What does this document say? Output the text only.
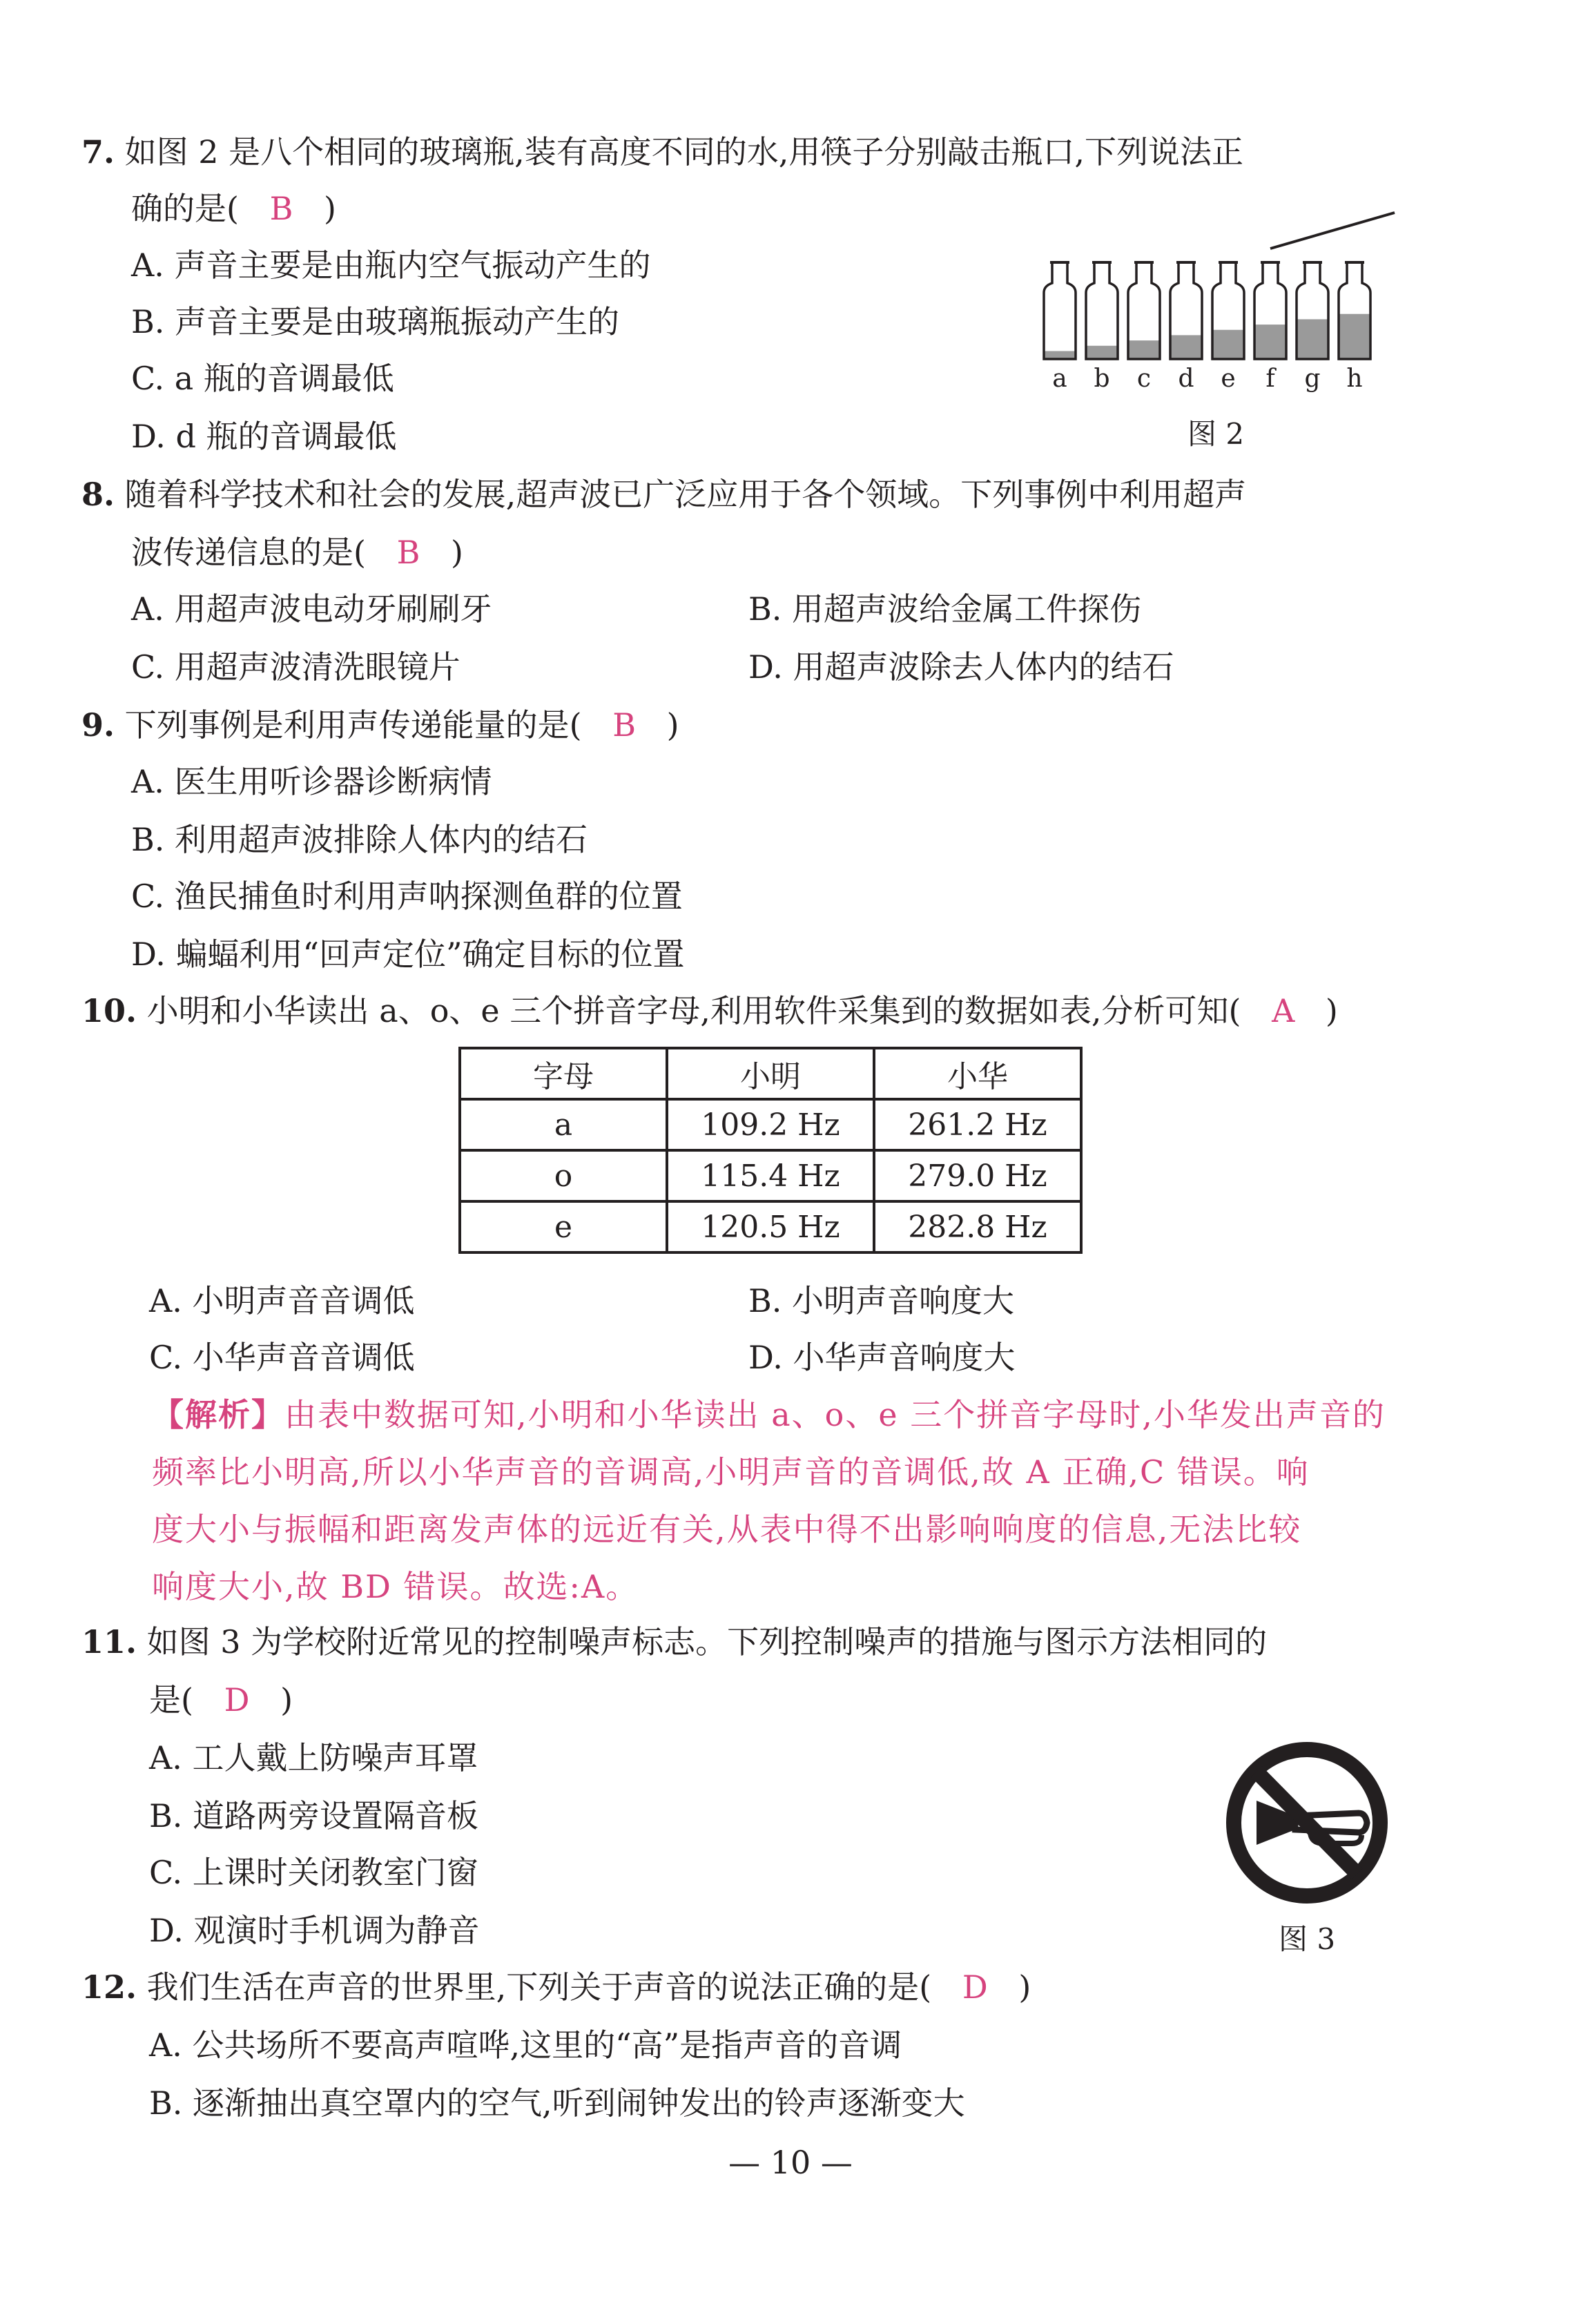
7. 如图 2 是八个相同的玻璃瓶,装有高度不同的水,用筷子分别敲击瓶口,下列说法正
确的是( B )
A. 声音主要是由瓶内空气振动产生的
B. 声音主要是由玻璃瓶振动产生的
C. a 瓶的音调最低
D. d 瓶的音调最低
a b c d e f g h
图 2
8. 随着科学技术和社会的发展,超声波已广泛应用于各个领域。下列事例中利用超声
波传递信息的是( B )
A. 用超声波电动牙刷刷牙	B. 用超声波给金属工件探伤
C. 用超声波清洗眼镜片	D. 用超声波除去人体内的结石
9. 下列事例是利用声传递能量的是( B )
A. 医生用听诊器诊断病情
B. 利用超声波排除人体内的结石
C. 渔民捕鱼时利用声呐探测鱼群的位置
D. 蝙蝠利用“回声定位”确定目标的位置
10. 小明和小华读出 a、o、e 三个拼音字母,利用软件采集到的数据如表,分析可知( A )
字母	小明	小华
a	109.2 Hz	261.2 Hz
o	115.4 Hz	279.0 Hz
e	120.5 Hz	282.8 Hz
A. 小明声音音调低	B. 小明声音响度大
C. 小华声音音调低	D. 小华声音响度大
【解析】由表中数据可知,小明和小华读出 a、o、e 三个拼音字母时,小华发出声音的
频率比小明高,所以小华声音的音调高,小明声音的音调低,故 A 正确,C 错误。响
度大小与振幅和距离发声体的远近有关,从表中得不出影响响度的信息,无法比较
响度大小,故 BD 错误。故选:A。
11. 如图 3 为学校附近常见的控制噪声标志。下列控制噪声的措施与图示方法相同的
是( D )
A. 工人戴上防噪声耳罩
B. 道路两旁设置隔音板
C. 上课时关闭教室门窗
D. 观演时手机调为静音	图 3
12. 我们生活在声音的世界里,下列关于声音的说法正确的是( D )
A. 公共场所不要高声喧哗,这里的“高”是指声音的音调
B. 逐渐抽出真空罩内的空气,听到闹钟发出的铃声逐渐变大
— 10 —
